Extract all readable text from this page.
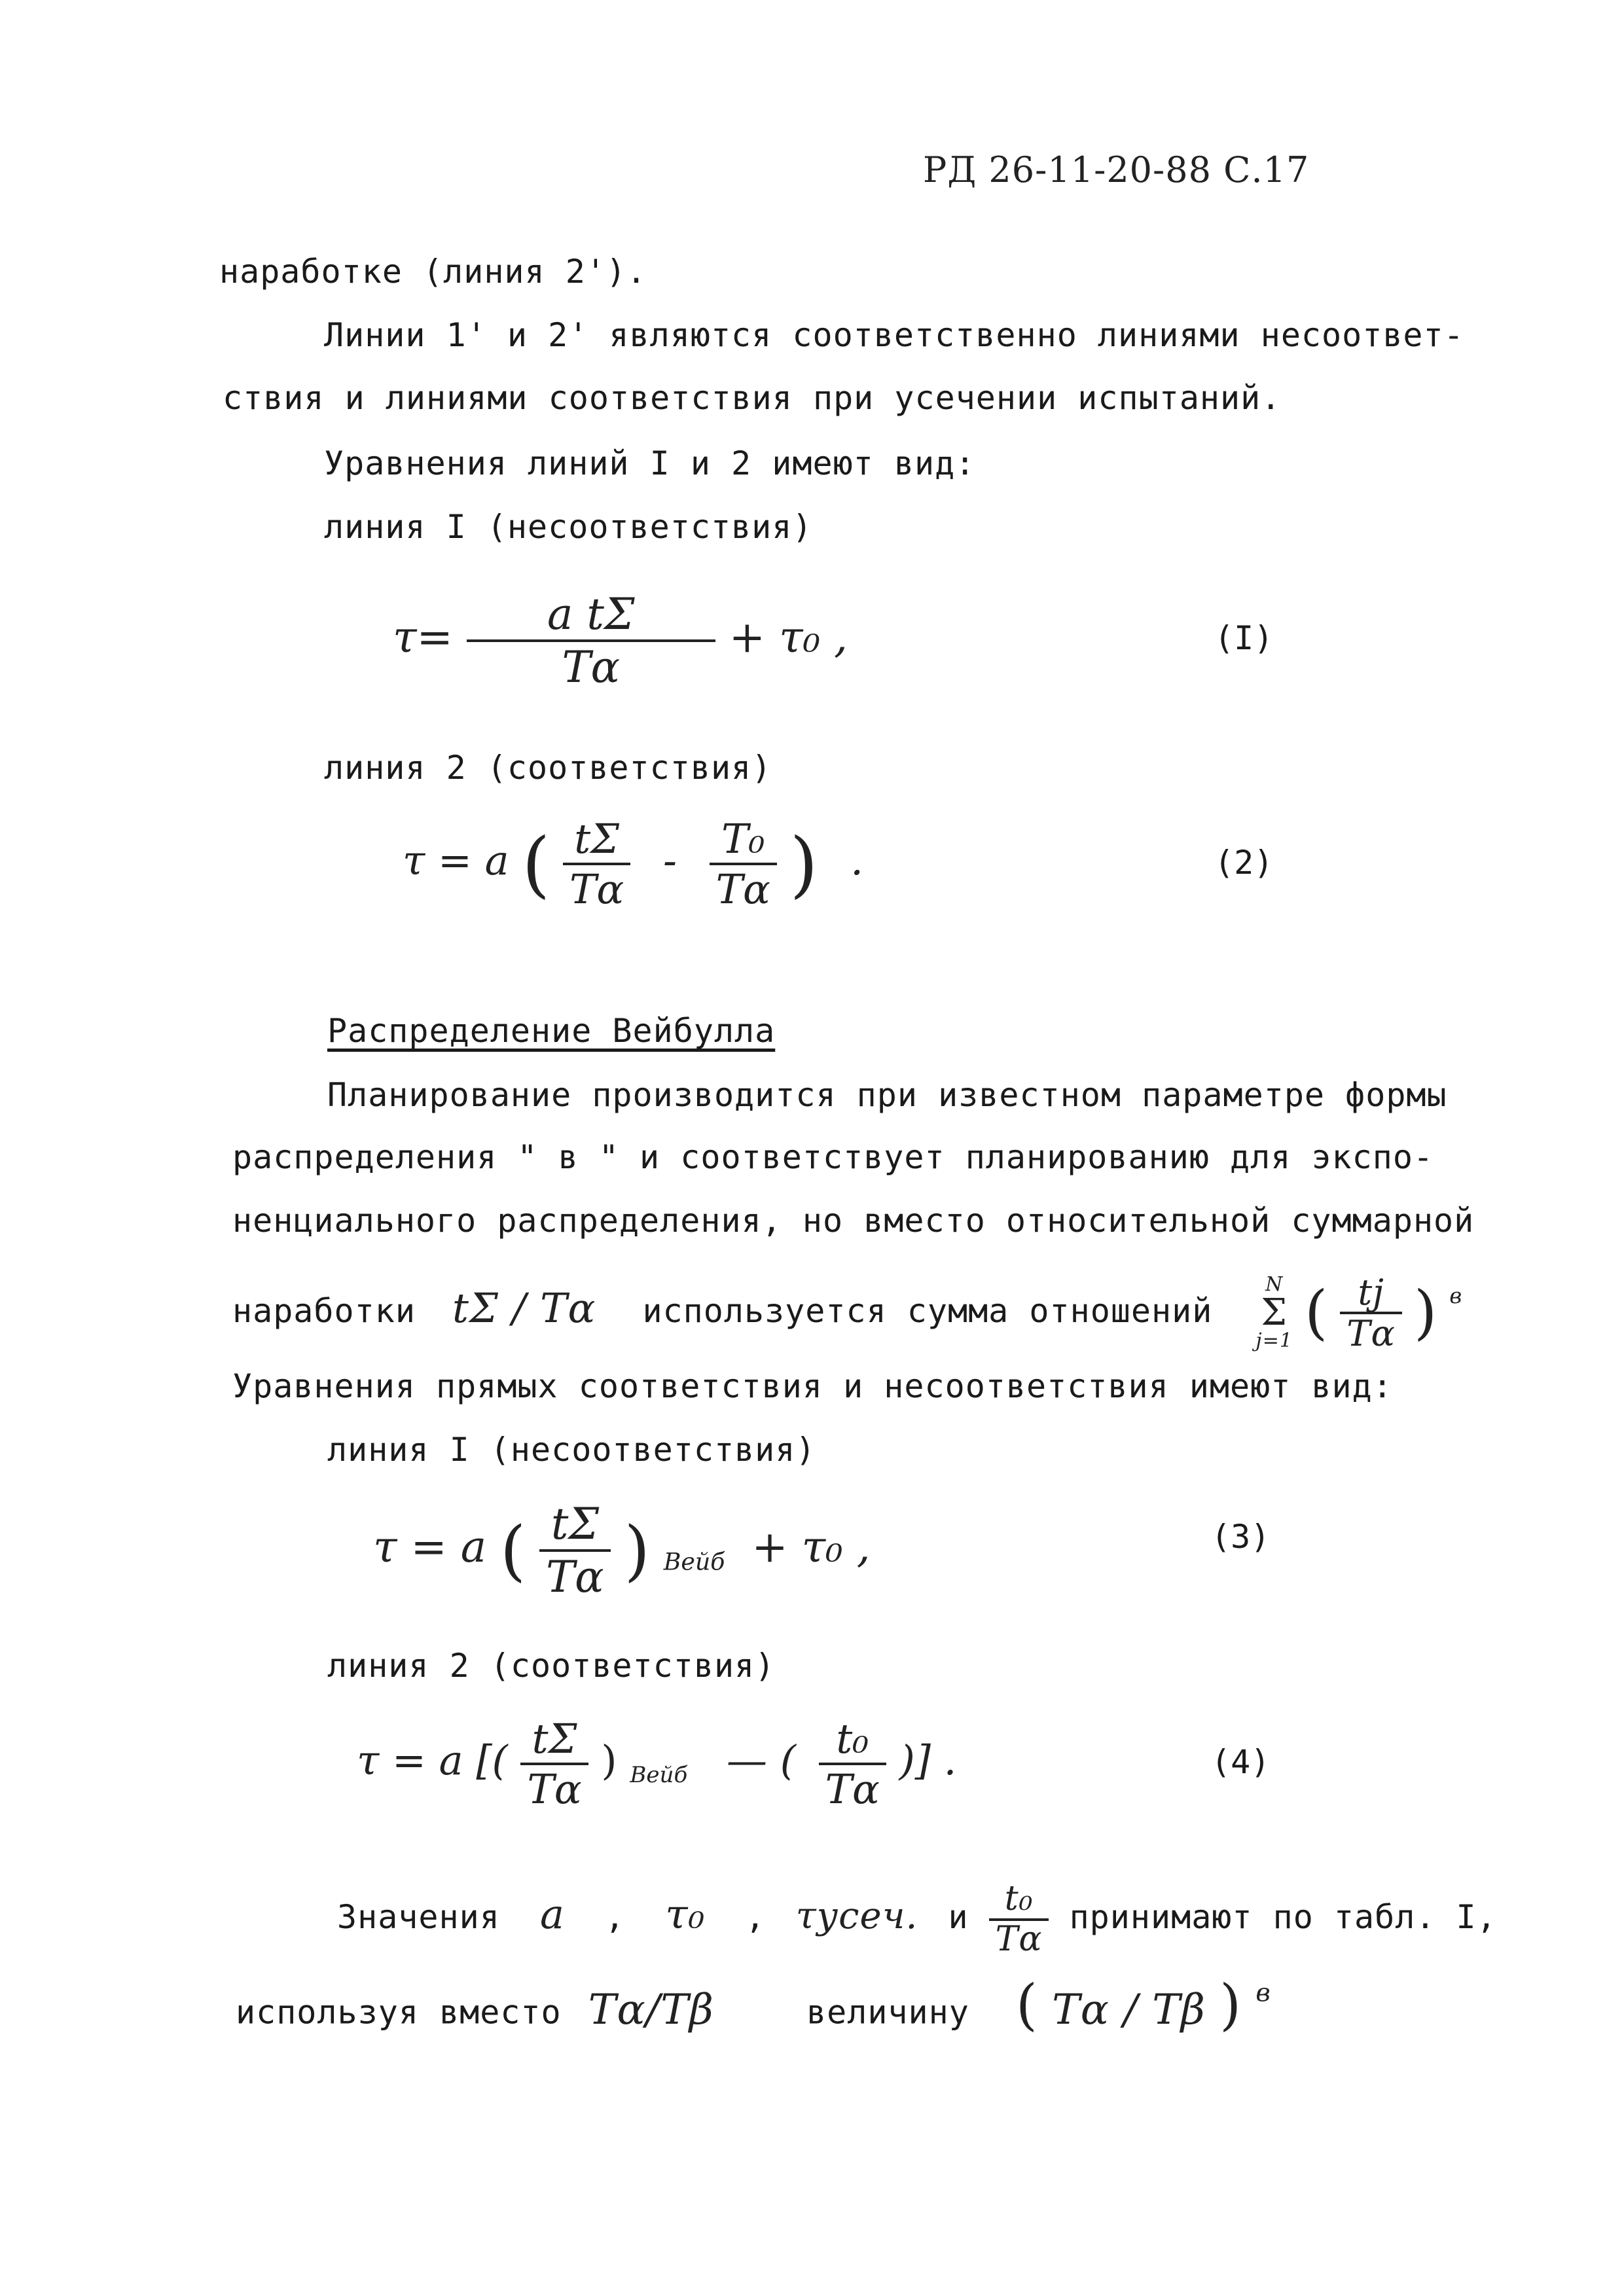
РД 26-11-20-88 С.17
наработке (линия 2').
Линии 1' и 2' являются соответственно линиями несоответ-
ствия и линиями соответствия при усечении испытаний.
Уравнения линий I и 2 имеют вид:
линия I (несоответствия)
$\tau= \frac{\text{a tΣ}}{T\alpha} + \tau_0$ ,	(I)
линия 2 (соответствия)
τ = a ( $\frac{t\Sigma}{T\alpha} - \frac{\text{T₀}}{T\alpha}$ ) .	(2)
Распределение Вейбулла
Планирование производится при известном параметре формы
распределения " в " и соответствует планированию для экспо-
ненциального распределения, но вместо относительной суммарной
наработки tΣ / Tα используется сумма отношений
N
Σ
j=1 ( $\frac{tj}{T\alpha}$ ) $^в$
Уравнения прямых соответствия и несоответствия имеют вид:
линия I (несоответствия)
τ = a ( $\frac{t\Sigma}{T\alpha}$ ) $_{Вейб}$ + τ₀ ,	(3)
линия 2 (соответствия)
τ = a [( $\frac{t\Sigma}{T\alpha}$ ) $_{Вейб}$ — ( $\frac{\text{t₀}}{T\alpha}$ )] .	(4)
Значения a , τ₀ , τусеч. и $\frac{\text{t₀}}{T\alpha}$ принимают по табл. I,
используя вместо Tα/Tβ	величину ( Tα / Tβ ) $^в$
